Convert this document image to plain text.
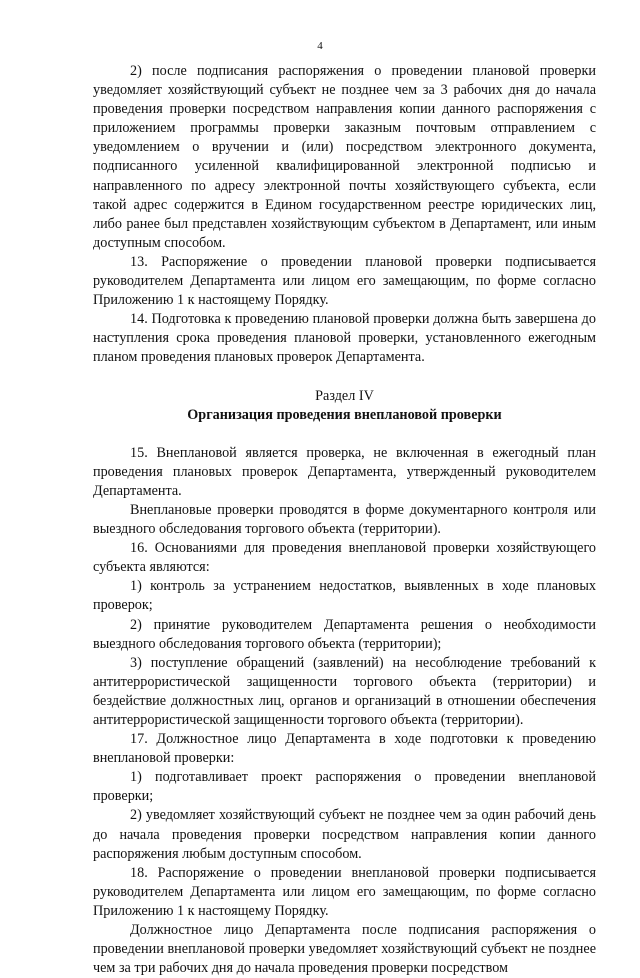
4

2) после подписания распоряжения о проведении плановой проверки уведомляет хозяйствующий субъект не позднее чем за 3 рабочих дня до начала проведения проверки посредством направления копии данного распоряжения с приложением программы проверки заказным почтовым отправлением с уведомлением о вручении и (или) посредством электронного документа, подписанного усиленной квалифицированной электронной подписью и направленного по адресу электронной почты хозяйствующего субъекта, если такой адрес содержится в Едином государственном реестре юридических лиц, либо ранее был представлен хозяйствующим субъектом в Департамент, или иным доступным способом.

13. Распоряжение о проведении плановой проверки подписывается руководителем Департамента или лицом его замещающим, по форме согласно Приложению 1 к настоящему Порядку.

14. Подготовка к проведению плановой проверки должна быть завершена до наступления срока проведения плановой проверки, установленного ежегодным планом проведения плановых проверок Департамента.

Раздел IV

Организация проведения внеплановой проверки

15. Внеплановой является проверка, не включенная в ежегодный план проведения плановых проверок Департамента, утвержденный руководителем Департамента.

Внеплановые проверки проводятся в форме документарного контроля или выездного обследования торгового объекта (территории).

16. Основаниями для проведения внеплановой проверки хозяйствующего субъекта являются:

1) контроль за устранением недостатков, выявленных в ходе плановых проверок;

2) принятие руководителем Департамента решения о необходимости выездного обследования торгового объекта (территории);

3) поступление обращений (заявлений) на несоблюдение требований к антитеррористической защищенности торгового объекта (территории) и бездействие должностных лиц, органов и организаций в отношении обеспечения антитеррористической защищенности торгового объекта (территории).

17. Должностное лицо Департамента в ходе подготовки к проведению внеплановой проверки:

1) подготавливает проект распоряжения о проведении внеплановой проверки;

2) уведомляет хозяйствующий субъект не позднее чем за один рабочий день до начала проведения проверки посредством направления копии данного распоряжения любым доступным способом.

18. Распоряжение о проведении внеплановой проверки подписывается руководителем Департамента или лицом его замещающим, по форме согласно Приложению 1 к настоящему Порядку.

Должностное лицо Департамента после подписания распоряжения о проведении внеплановой проверки уведомляет хозяйствующий субъект не позднее чем за три рабочих дня до начала проведения проверки посредством
